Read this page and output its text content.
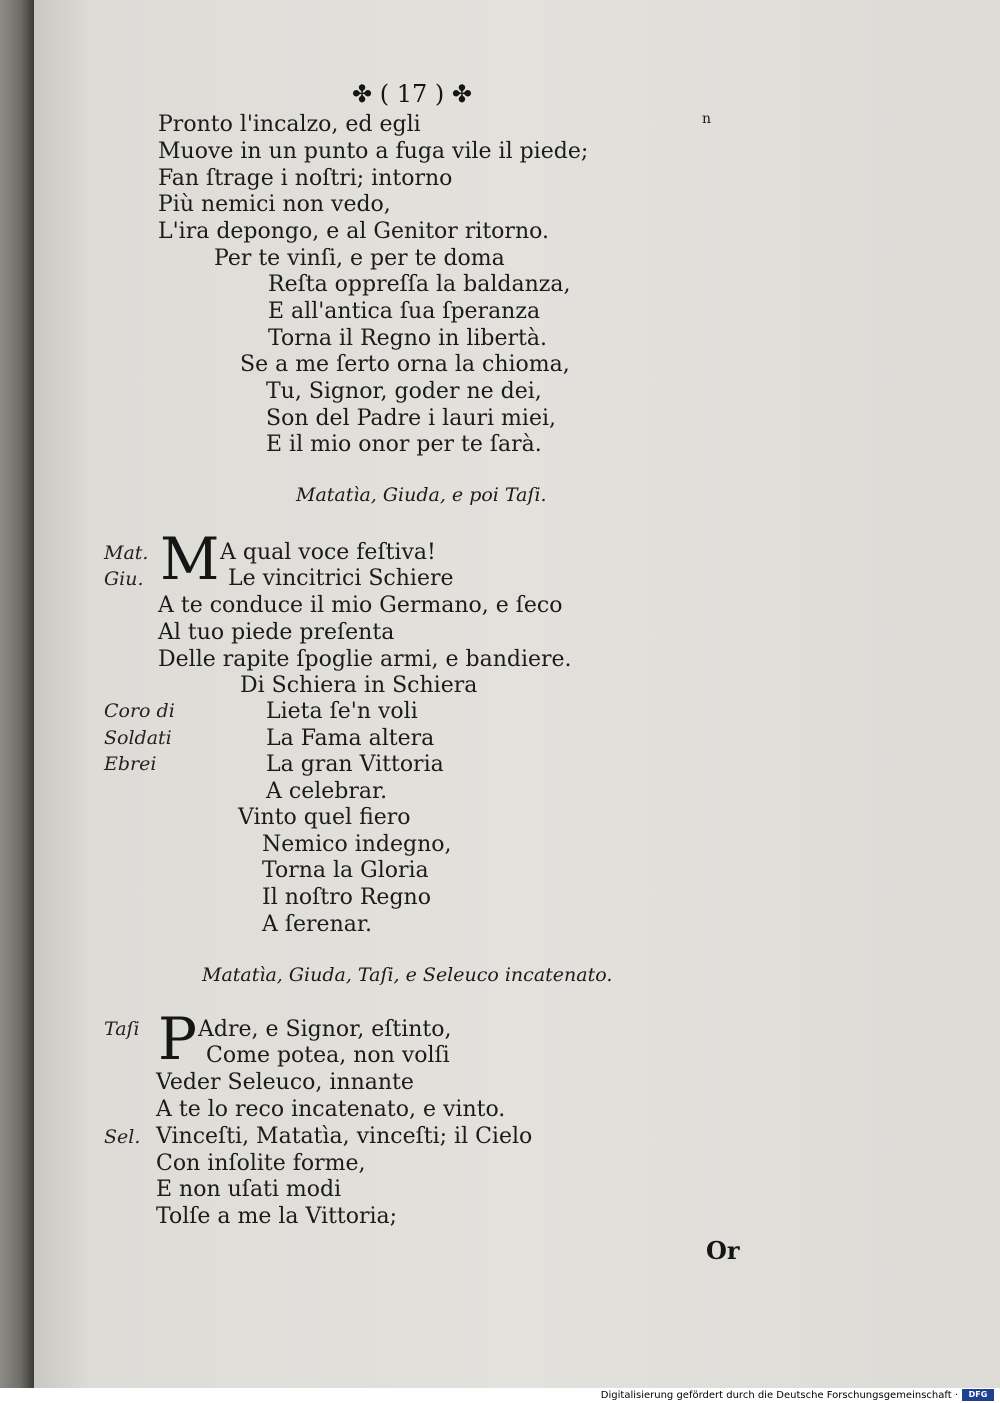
✤ ( 17 ) ✤
n
Pronto l'incalzo, ed egli
Muove in un punto a fuga vile il piede;
Fan ſtrage i noſtri; intorno
Più nemici non vedo,
L'ira depongo, e al Genitor ritorno.
Per te vinſi, e per te doma
Reſta oppreſſa la baldanza,
E all'antica ſua ſperanza
Torna il Regno in libertà.
Se a me ſerto orna la chioma,
Tu, Signor, goder ne dei,
Son del Padre i lauri miei,
E il mio onor per te ſarà.
Matatìa, Giuda, e poi Taſi.
Mat.
Giu. M A qual voce feſtiva!
Le vincitrici Schiere
A te conduce il mio Germano, e ſeco
Al tuo piede preſenta
Delle rapite ſpoglie armi, e bandiere.
Di Schiera in Schiera
Coro di
Soldati
Ebrei
Lieta ſe'n voli
La Fama altera
La gran Vittoria
A celebrar.
Vinto quel fiero
Nemico indegno,
Torna la Gloria
Il noſtro Regno
A ſerenar.
Matatìa, Giuda, Taſi, e Seleuco incatenato.
Taſi P Adre, e Signor, eſtinto,
Come potea, non volſi
Veder Seleuco, innante
A te lo reco incatenato, e vinto.
Sel. Vinceſti, Matatìa, vinceſti; il Cielo
Con inſolite forme,
E non uſati modi
Tolſe a me la Vittoria;
Or
Digitalisierung gefördert durch die Deutsche Forschungsgemeinschaft ·	DFG
